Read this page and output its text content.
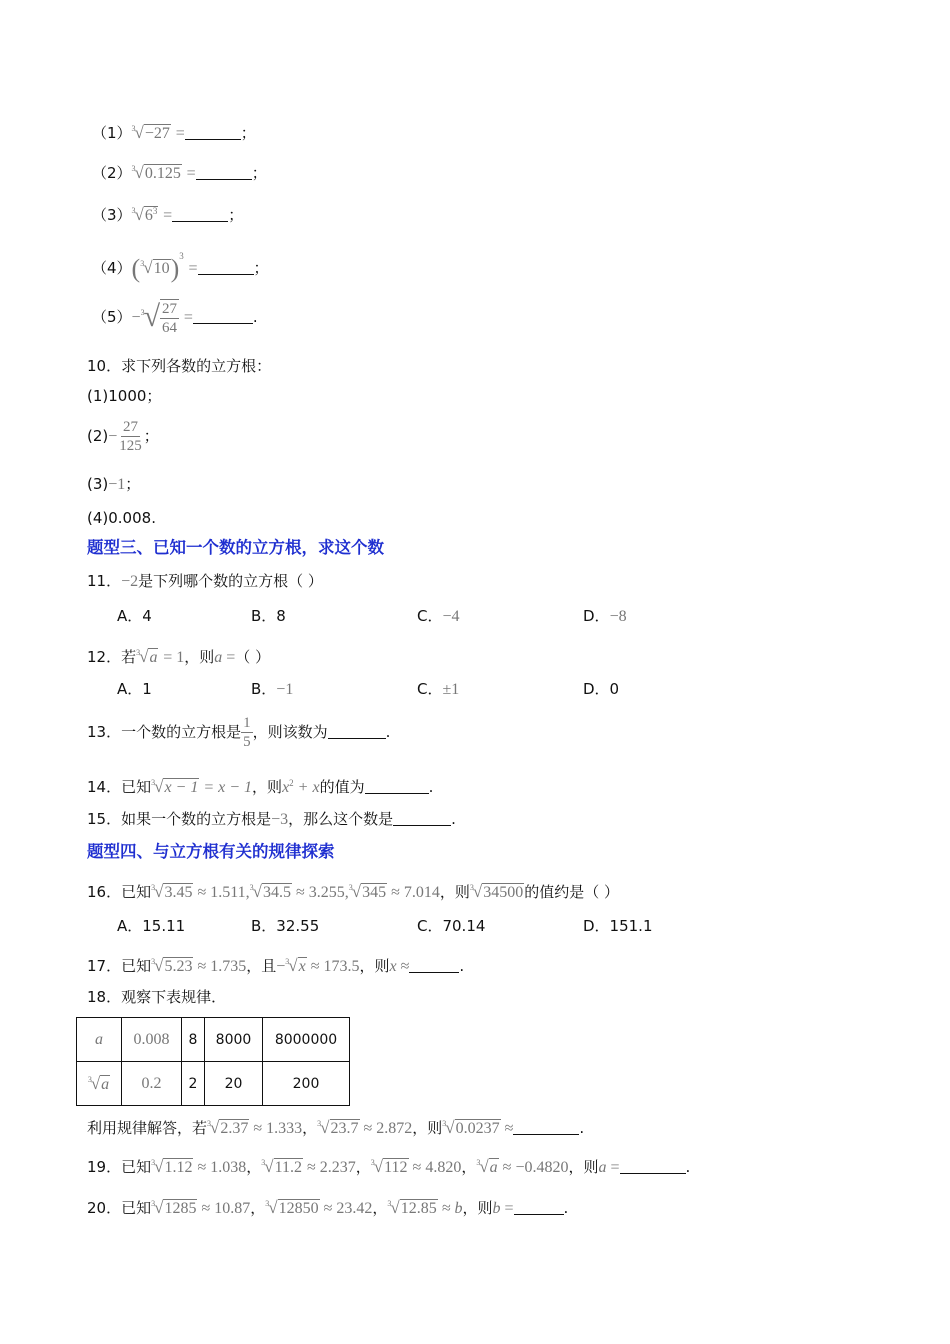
$(1)^3√-27$ =	；
$(2)^3√0.125$ =	；
$(3)^3√6^3$ =	；
$(4)(^3√10)^3$ =	；
$(5)-^3√ \frac{27}{64}$ =	.
10．求下列各数的立方根：
(1)1000；
$(2)- \frac{27}{125}$ ；
(3)−1；
(4)0.008.
题型三、已知一个数的立方根，求这个数
11．−2是下列哪个数的立方根（ ）
A．4	B．8	C．−4	D．−8
12．若$^3$√a = 1，则a =（ ）
A．1	B．−1	C．±1	D．0
13．一个数的立方根是 $\frac{1}{5}$ ，则该数为	.
14．已知$^3$√x − 1 = x − 1，则$x^2 + x$的值为	.
15．如果一个数的立方根是−3，那么这个数是	.
题型四、与立方根有关的规律探索
16．已知$^3$√3.45 ≈ 1.511,$^3$√34.5 ≈ 3.255,$^3$√345 ≈ 7.014，则$^3$√34500的值约是（ ）
A．15.11	B．32.55	C．70.14	D．151.1
17．已知$^3$√5.23 ≈ 1.735，且−$^3$√x ≈ 173.5，则x ≈	.
18．观察下表规律．
a	0.008	8	8000	8000000
$^3$√a	0.2	2	20	200
利用规律解答，若$^3$√2.37 ≈ 1.333，$^3$√23.7 ≈ 2.872，则$^3$√0.0237 ≈	.
19．已知$^3$√1.12 ≈ 1.038，$^3$√11.2 ≈ 2.237，$^3$√112 ≈ 4.820，$^3$√a ≈ −0.4820，则a =	.
20．已知$^3$√1285 ≈ 10.87，$^3$√12850 ≈ 23.42，$^3$√12.85 ≈ b，则b =	.
